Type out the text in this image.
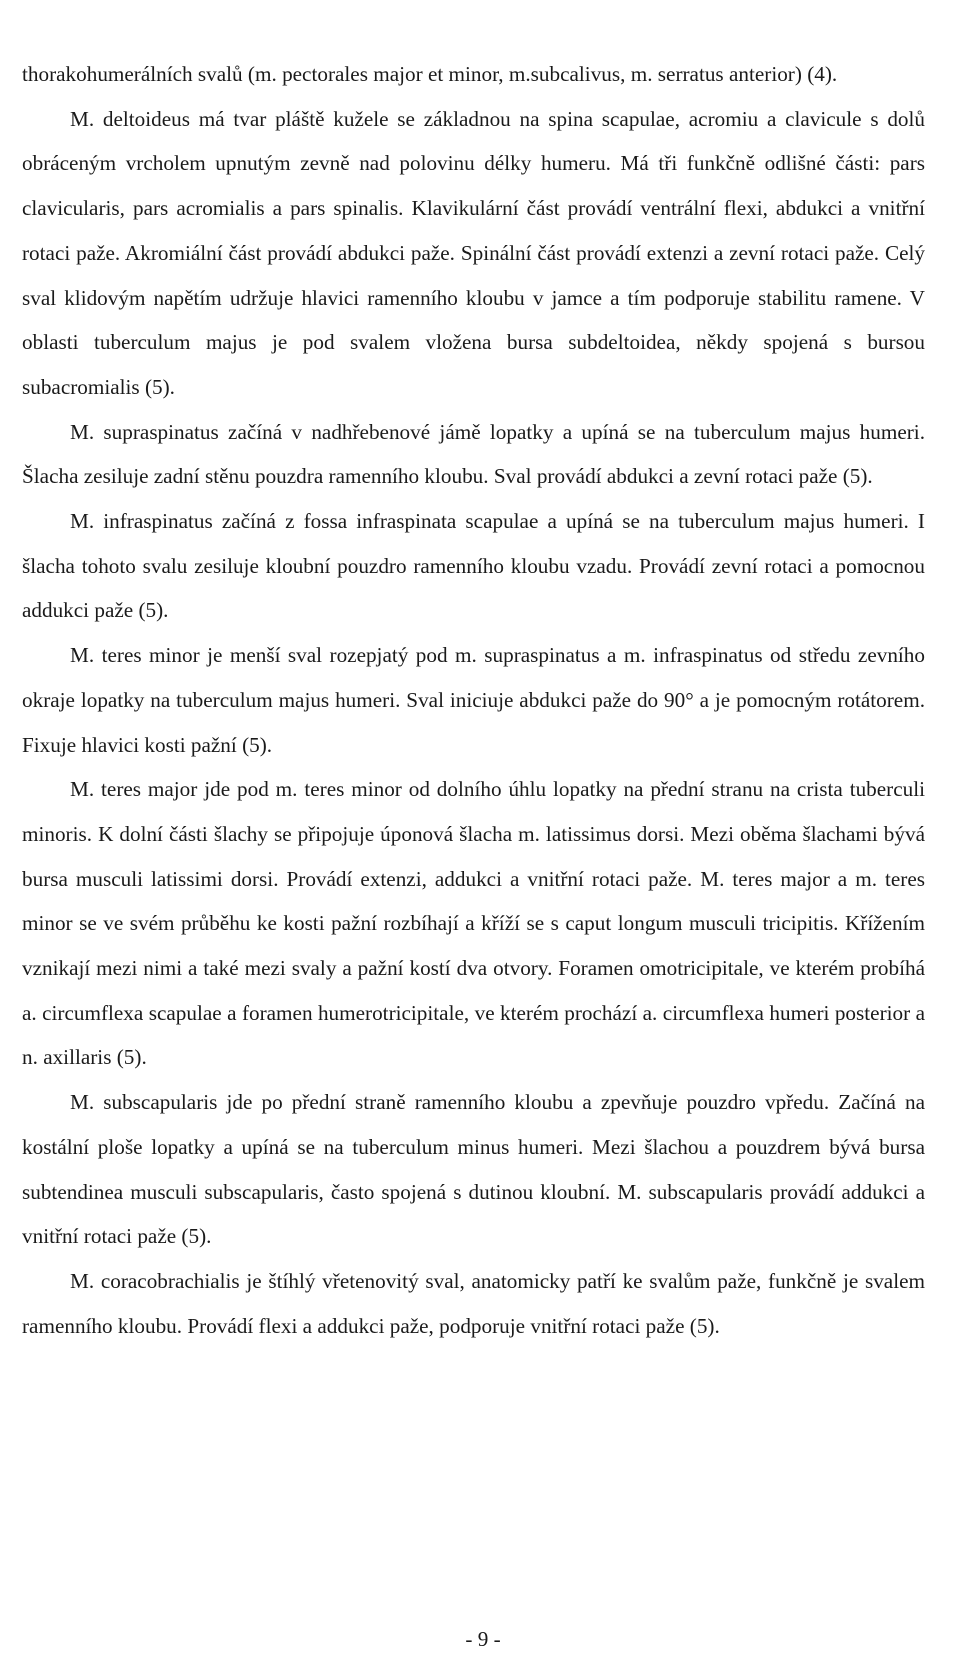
thorakohumerálních svalů (m. pectorales major et minor, m.subcalivus, m. serratus anterior) (4).

M. deltoideus má tvar pláště kužele se základnou na spina scapulae, acromiu a clavicule s dolů obráceným vrcholem upnutým zevně nad polovinu délky humeru. Má tři funkčně odlišné části: pars clavicularis, pars acromialis a pars spinalis. Klavikulární část provádí ventrální flexi, abdukci a vnitřní rotaci paže. Akromiální část provádí abdukci paže. Spinální část provádí extenzi a zevní rotaci paže. Celý sval klidovým napětím udržuje hlavici ramenního kloubu v jamce a tím podporuje stabilitu ramene. V oblasti tuberculum majus je pod svalem vložena bursa subdeltoidea, někdy spojená s bursou subacromialis (5).

M. supraspinatus začíná v nadhřebenové jámě lopatky a upíná se na tuberculum majus humeri. Šlacha zesiluje zadní stěnu pouzdra ramenního kloubu. Sval provádí abdukci a zevní rotaci paže (5).

M. infraspinatus začíná z fossa infraspinata scapulae a upíná se na tuberculum majus humeri. I šlacha tohoto svalu zesiluje kloubní pouzdro ramenního kloubu vzadu. Provádí zevní rotaci a pomocnou addukci paže (5).

M. teres minor je menší sval rozepjatý pod m. supraspinatus a m. infraspinatus od středu zevního okraje lopatky na tuberculum majus humeri. Sval iniciuje abdukci paže do 90° a je pomocným rotátorem. Fixuje hlavici kosti pažní (5).

M. teres major jde pod m. teres minor od dolního úhlu lopatky na přední stranu na crista tuberculi minoris. K dolní části šlachy se připojuje úponová šlacha m. latissimus dorsi. Mezi oběma šlachami bývá bursa musculi latissimi dorsi. Provádí extenzi, addukci a vnitřní rotaci paže. M. teres major a m. teres minor se ve svém průběhu ke kosti pažní rozbíhají a kříží se s caput longum musculi tricipitis. Křížením vznikají mezi nimi a také mezi svaly a pažní kostí dva otvory. Foramen omotricipitale, ve kterém probíhá a. circumflexa scapulae a foramen humerotricipitale, ve kterém prochází a. circumflexa humeri posterior a n. axillaris (5).

M. subscapularis jde po přední straně ramenního kloubu a zpevňuje pouzdro vpředu. Začíná na kostální ploše lopatky a upíná se na tuberculum minus humeri. Mezi šlachou a pouzdrem bývá bursa subtendinea musculi subscapularis, často spojená s dutinou kloubní. M. subscapularis provádí addukci a vnitřní rotaci paže (5).

M. coracobrachialis je štíhlý vřetenovitý sval, anatomicky patří ke svalům paže, funkčně je svalem ramenního kloubu. Provádí flexi a addukci paže, podporuje vnitřní rotaci paže (5).

- 9 -
